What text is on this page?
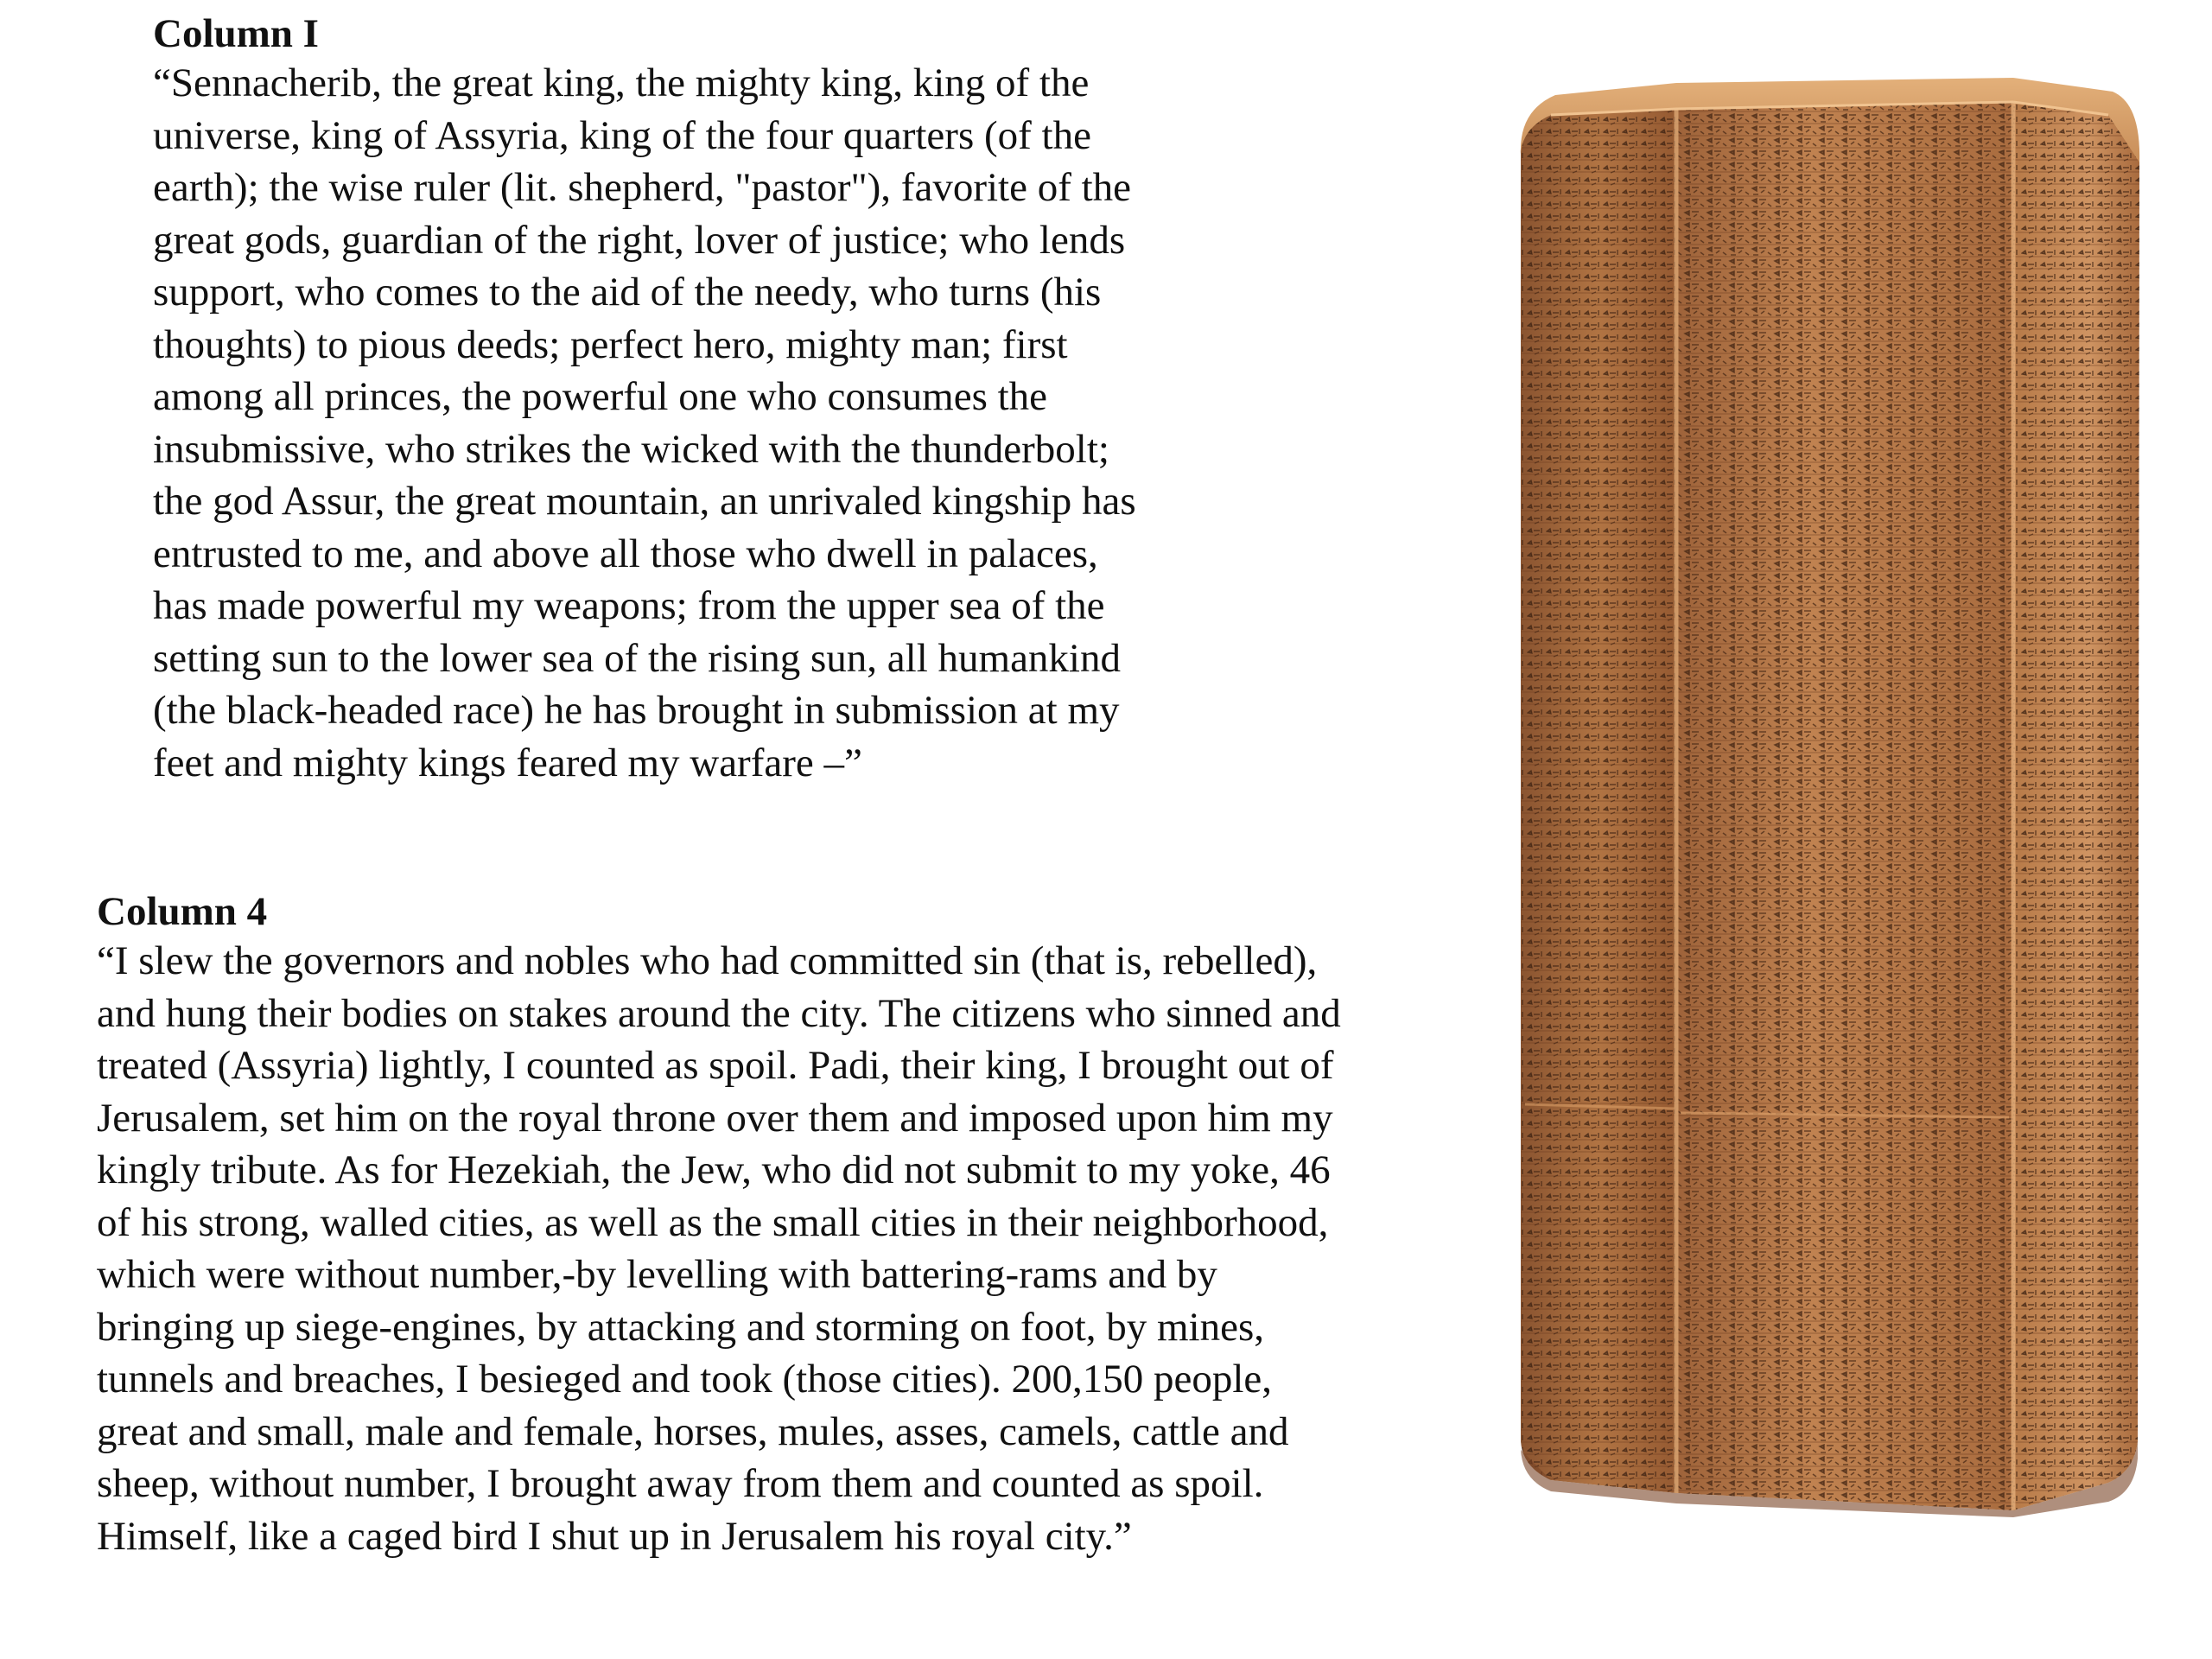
Column I
“Sennacherib, the great king, the mighty king, king of the
universe, king of Assyria, king of the four quarters (of the
earth); the wise ruler (lit. shepherd, "pastor"), favorite of the
great gods, guardian of the right, lover of justice; who lends
support, who comes to the aid of the needy, who turns (his
thoughts) to pious deeds; perfect hero, mighty man; first
among all princes, the powerful one who consumes the
insubmissive, who strikes the wicked with the thunderbolt;
the god Assur, the great mountain, an unrivaled kingship has
entrusted to me, and above all those who dwell in palaces,
has made powerful my weapons; from the upper sea of the
setting sun to the lower sea of the rising sun, all humankind
(the black-headed race) he has brought in submission at my
feet and mighty kings feared my warfare –”
Column 4
“I slew the governors and nobles who had committed sin (that is, rebelled),
and hung their bodies on stakes around the city. The citizens who sinned and
treated (Assyria) lightly, I counted as spoil. Padi, their king, I brought out of
Jerusalem, set him on the royal throne over them and imposed upon him my
kingly tribute. As for Hezekiah, the Jew, who did not submit to my yoke, 46
of his strong, walled cities, as well as the small cities in their neighborhood,
which were without number,-by levelling with battering-rams and by
bringing up siege-engines, by attacking and storming on foot, by mines,
tunnels and breaches, I besieged and took (those cities). 200,150 people,
great and small, male and female, horses, mules, asses, camels, cattle and
sheep, without number, I brought away from them and counted as spoil.
Himself, like a caged bird I shut up in Jerusalem his royal city.”
